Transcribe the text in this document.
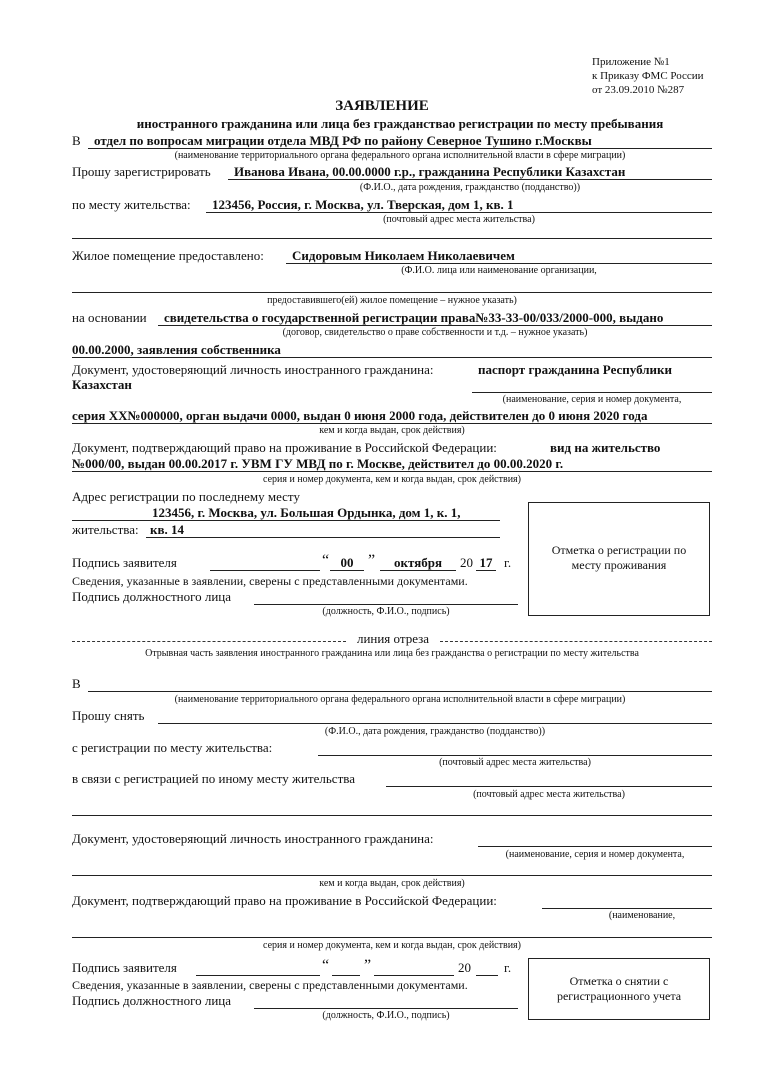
Приложение №1
к Приказу ФМС России
от 23.09.2010 №287
ЗАЯВЛЕНИЕ
иностранного гражданина или лица без гражданствао регистрации по месту пребывания
В отдел по вопросам миграции отдела МВД РФ по району Северное Тушино г.Москвы
(наименование территориального органа федерального органа исполнительной власти в сфере миграции)
Прошу зарегистрировать Иванова Ивана, 00.00.0000 г.р., гражданина Республики Казахстан
(Ф.И.О., дата рождения, гражданство (подданство))
по месту жительства: 123456, Россия, г. Москва, ул. Тверская, дом 1, кв. 1
(почтовый адрес места жительства)
Жилое помещение предоставлено: Сидоровым Николаем Николаевичем
(Ф.И.О. лица или наименование организации,
предоставившего(ей) жилое помещение – нужное указать)
на основании свидетельства о государственной регистрации права№33-33-00/033/2000-000, выдано
(договор, свидетельство о праве собственности и т.д. – нужное указать)
00.00.2000, заявления собственника
Документ, удостоверяющий личность иностранного гражданина:	паспорт гражданина Республики
Казахстан
(наименование, серия и номер документа,
серия XX№000000, орган выдачи 0000, выдан 0 июня 2000 года, действителен до 0 июня 2020 года
кем и когда выдан, срок действия)
Документ, подтверждающий право на проживание в Российской Федерации:	вид на жительство
№000/00, выдан 00.00.2017 г. УВМ ГУ МВД по г. Москве, действител до 00.00.2020 г.
серия и номер документа, кем и когда выдан, срок действия)
Адрес регистрации по последнему месту
123456, г. Москва, ул. Большая Ордынка, дом 1, к. 1,
жительства: кв. 14
Подпись заявителя	“ 00 ”	октября	20 17 г.
Сведения, указанные в заявлении, сверены с представленными документами.
Подпись должностного лица
(должность, Ф.И.О., подпись)
Отметка о регистрации по месту проживания
линия отреза
Отрывная часть заявления иностранного гражданина или лица без гражданства о регистрации по месту жительства
В
(наименование территориального органа федерального органа исполнительной власти в сфере миграции)
Прошу снять
(Ф.И.О., дата рождения, гражданство (подданство))
с регистрации по месту жительства:
(почтовый адрес места жительства)
в связи с регистрацией по иному месту жительства
(почтовый адрес места жительства)
Документ, удостоверяющий личность иностранного гражданина:
(наименование, серия и номер документа,
кем и когда выдан, срок действия)
Документ, подтверждающий право на проживание в Российской Федерации:
(наименование,
серия и номер документа, кем и когда выдан, срок действия)
Подпись заявителя	“ ”	20	г.
Сведения, указанные в заявлении, сверены с представленными документами.
Подпись должностного лица
(должность, Ф.И.О., подпись)
Отметка о снятии с регистрационного учета
